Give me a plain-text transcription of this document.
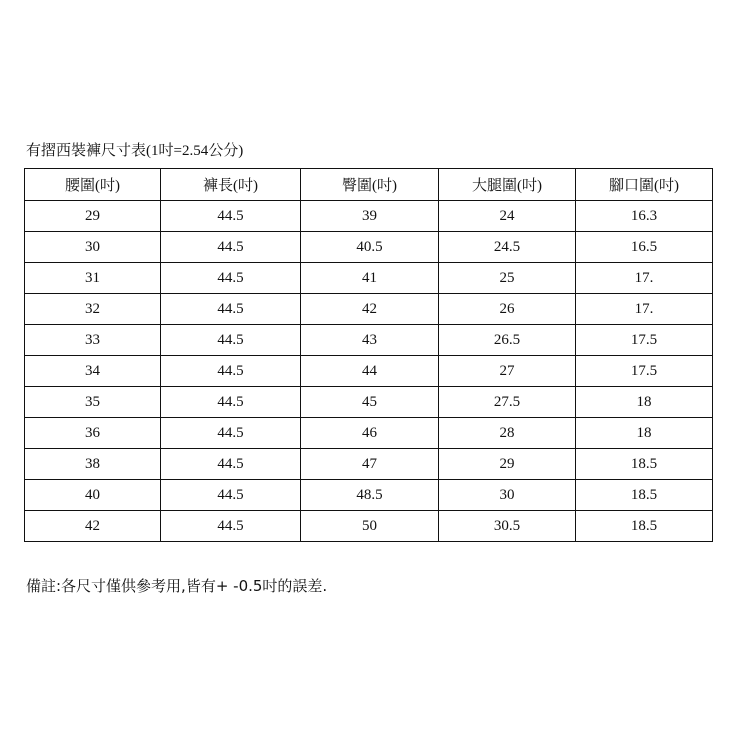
有摺西裝褲尺寸表(1吋=2.54公分)
腰圍(吋)	褲長(吋)	臀圍(吋)	大腿圍(吋)	腳口圍(吋)
29	44.5	39	24	16.3
30	44.5	40.5	24.5	16.5
31	44.5	41	25	17.
32	44.5	42	26	17.
33	44.5	43	26.5	17.5
34	44.5	44	27	17.5
35	44.5	45	27.5	18
36	44.5	46	28	18
38	44.5	47	29	18.5
40	44.5	48.5	30	18.5
42	44.5	50	30.5	18.5
備註:各尺寸僅供參考用,皆有+ -0.5吋的誤差.
